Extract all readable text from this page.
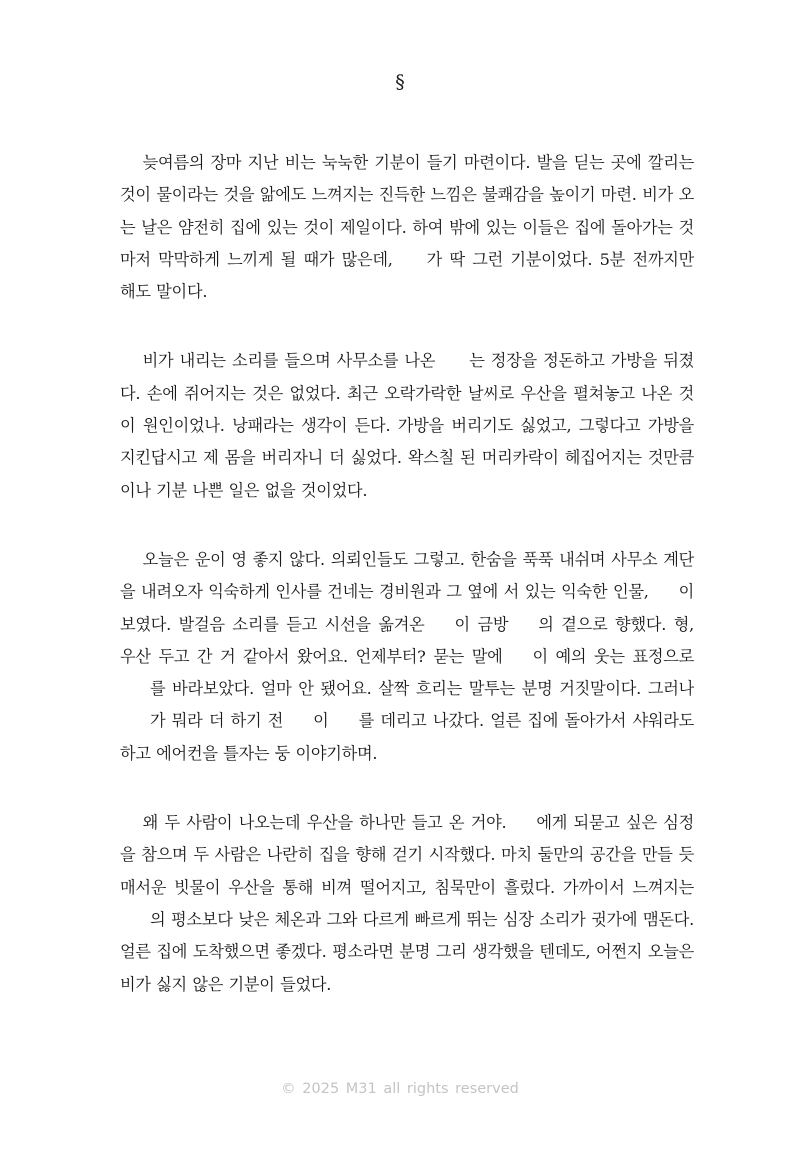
§

늦여름의 장마 지난 비는 눅눅한 기분이 들기 마련이다. 발을 딛는 곳에 깔리는 것이 물이라는 것을 앎에도 느껴지는 진득한 느낌은 불쾌감을 높이기 마련. 비가 오는 날은 얌전히 집에 있는 것이 제일이다. 하여 밖에 있는 이들은 집에 돌아가는 것마저 막막하게 느끼게 될 때가 많은데, 가 딱 그런 기분이었다. 5분 전까지만 해도 말이다.

비가 내리는 소리를 들으며 사무소를 나온 는 정장을 정돈하고 가방을 뒤졌다. 손에 쥐어지는 것은 없었다. 최근 오락가락한 날씨로 우산을 펼쳐놓고 나온 것이 원인이었나. 낭패라는 생각이 든다. 가방을 버리기도 싫었고, 그렇다고 가방을 지킨답시고 제 몸을 버리자니 더 싫었다. 왁스칠 된 머리카락이 헤집어지는 것만큼이나 기분 나쁜 일은 없을 것이었다.

오늘은 운이 영 좋지 않다. 의뢰인들도 그렇고. 한숨을 푹푹 내쉬며 사무소 계단을 내려오자 익숙하게 인사를 건네는 경비원과 그 옆에 서 있는 익숙한 인물, 이 보였다. 발걸음 소리를 듣고 시선을 옮겨온 이 금방 의 곁으로 향했다. 형, 우산 두고 간 거 같아서 왔어요. 언제부터? 묻는 말에 이 예의 웃는 표정으로를 바라보았다. 얼마 안 됐어요. 살짝 흐리는 말투는 분명 거짓말이다. 그러나가 뭐라 더 하기 전 이 를 데리고 나갔다. 얼른 집에 돌아가서 샤워라도 하고 에어컨을 틀자는 둥 이야기하며.

왜 두 사람이 나오는데 우산을 하나만 들고 온 거야. 에게 되묻고 싶은 심정을 참으며 두 사람은 나란히 집을 향해 걷기 시작했다. 마치 둘만의 공간을 만들 듯 매서운 빗물이 우산을 통해 비껴 떨어지고, 침묵만이 흘렀다. 가까이서 느껴지는의 평소보다 낮은 체온과 그와 다르게 빠르게 뛰는 심장 소리가 귓가에 맴돈다. 얼른 집에 도착했으면 좋겠다. 평소라면 분명 그리 생각했을 텐데도, 어쩐지 오늘은 비가 싫지 않은 기분이 들었다.

© 2025 M31 all rights reserved
